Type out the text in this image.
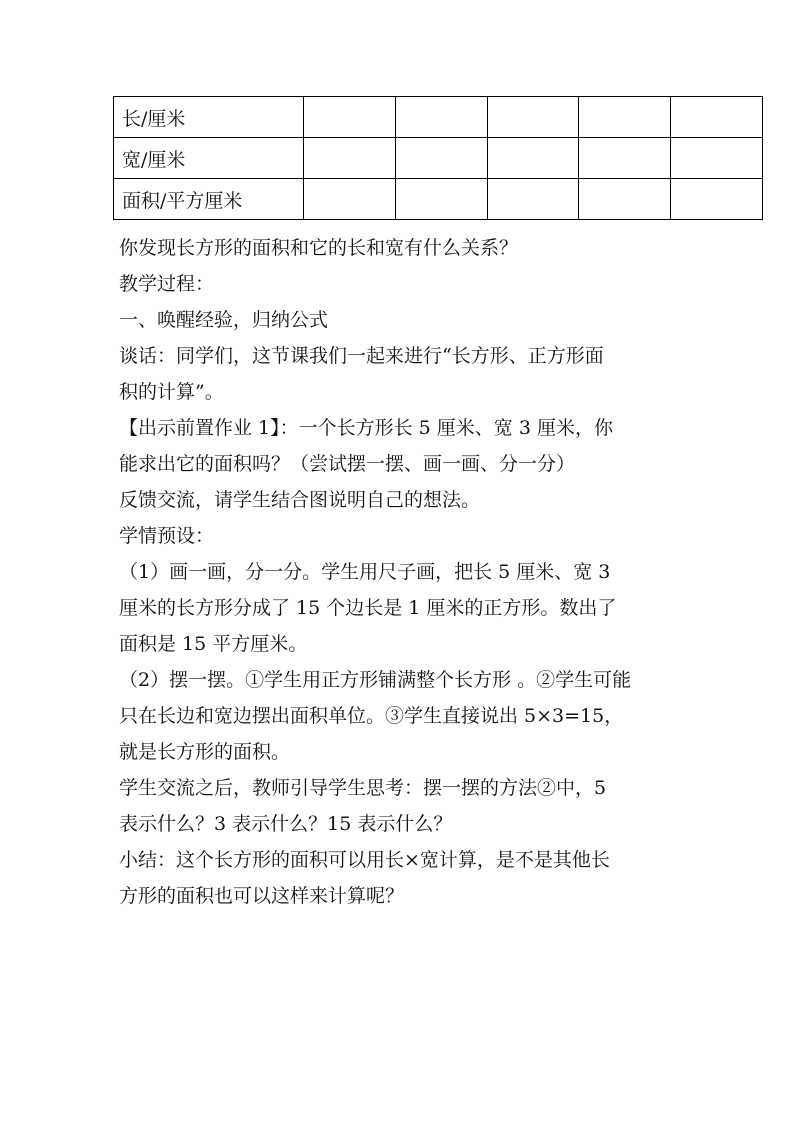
长/厘米					
宽/厘米					
面积/平方厘米					

你发现长方形的面积和它的长和宽有什么关系？

教学过程：

一、唤醒经验，归纳公式

谈话：同学们，这节课我们一起来进行“长方形、正方形面

积的计算”。

【出示前置作业 1】：一个长方形长 5 厘米、宽 3 厘米，你

能求出它的面积吗？（尝试摆一摆、画一画、分一分）

反馈交流，请学生结合图说明自己的想法。

学情预设：

（1）画一画，分一分。学生用尺子画，把长 5 厘米、宽 3

厘米的长方形分成了 15 个边长是 1 厘米的正方形。数出了

面积是 15 平方厘米。

（2）摆一摆。①学生用正方形铺满整个长方形 。②学生可能

只在长边和宽边摆出面积单位。③学生直接说出 5×3=15，

就是长方形的面积。

学生交流之后，教师引导学生思考：摆一摆的方法②中，5

表示什么？3 表示什么？15 表示什么？

小结：这个长方形的面积可以用长×宽计算，是不是其他长

方形的面积也可以这样来计算呢？
